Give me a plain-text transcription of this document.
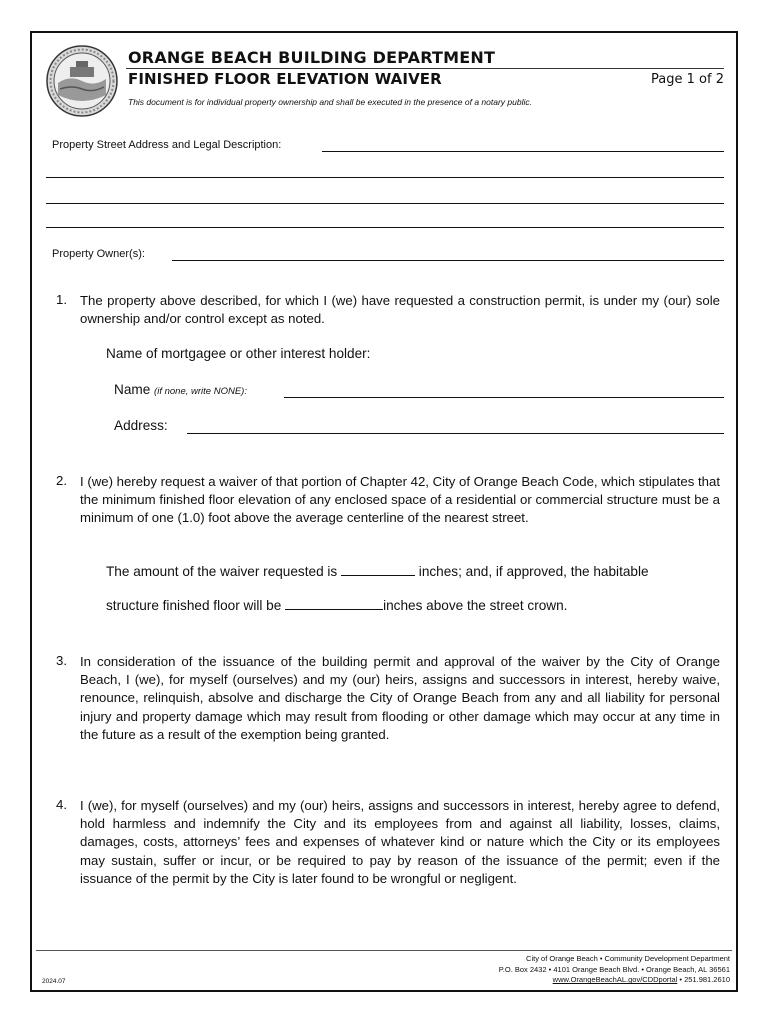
ORANGE BEACH BUILDING DEPARTMENT
FINISHED FLOOR ELEVATION WAIVER	Page 1 of 2
This document is for individual property ownership and shall be executed in the presence of a notary public.
Property Street Address and Legal Description:
Property Owner(s):
1. The property above described, for which I (we) have requested a construction permit, is under my (our) sole ownership and/or control except as noted.
Name of mortgagee or other interest holder:
Name (if none, write NONE):
Address:
2. I (we) hereby request a waiver of that portion of Chapter 42, City of Orange Beach Code, which stipulates that the minimum finished floor elevation of any enclosed space of a residential or commercial structure must be a minimum of one (1.0) foot above the average centerline of the nearest street.
The amount of the waiver requested is	inches; and, if approved, the habitable
structure finished floor will be	inches above the street crown.
3. In consideration of the issuance of the building permit and approval of the waiver by the City of Orange Beach, I (we), for myself (ourselves) and my (our) heirs, assigns and successors in interest, hereby waive, renounce, relinquish, absolve and discharge the City of Orange Beach from any and all liability for personal injury and property damage which may result from flooding or other damage which may occur at any time in the future as a result of the exemption being granted.
4. I (we), for myself (ourselves) and my (our) heirs, assigns and successors in interest, hereby agree to defend, hold harmless and indemnify the City and its employees from and against all liability, losses, claims, damages, costs, attorneys’ fees and expenses of whatever kind or nature which the City or its employees may sustain, suffer or incur, or be required to pay by reason of the issuance of the permit; even if the issuance of the permit by the City is later found to be wrongful or negligent.
City of Orange Beach • Community Development Department
P.O. Box 2432 • 4101 Orange Beach Blvd. • Orange Beach, AL 36561
www.OrangeBeachAL.gov/CDDportal • 251.981.2610
2024.07
